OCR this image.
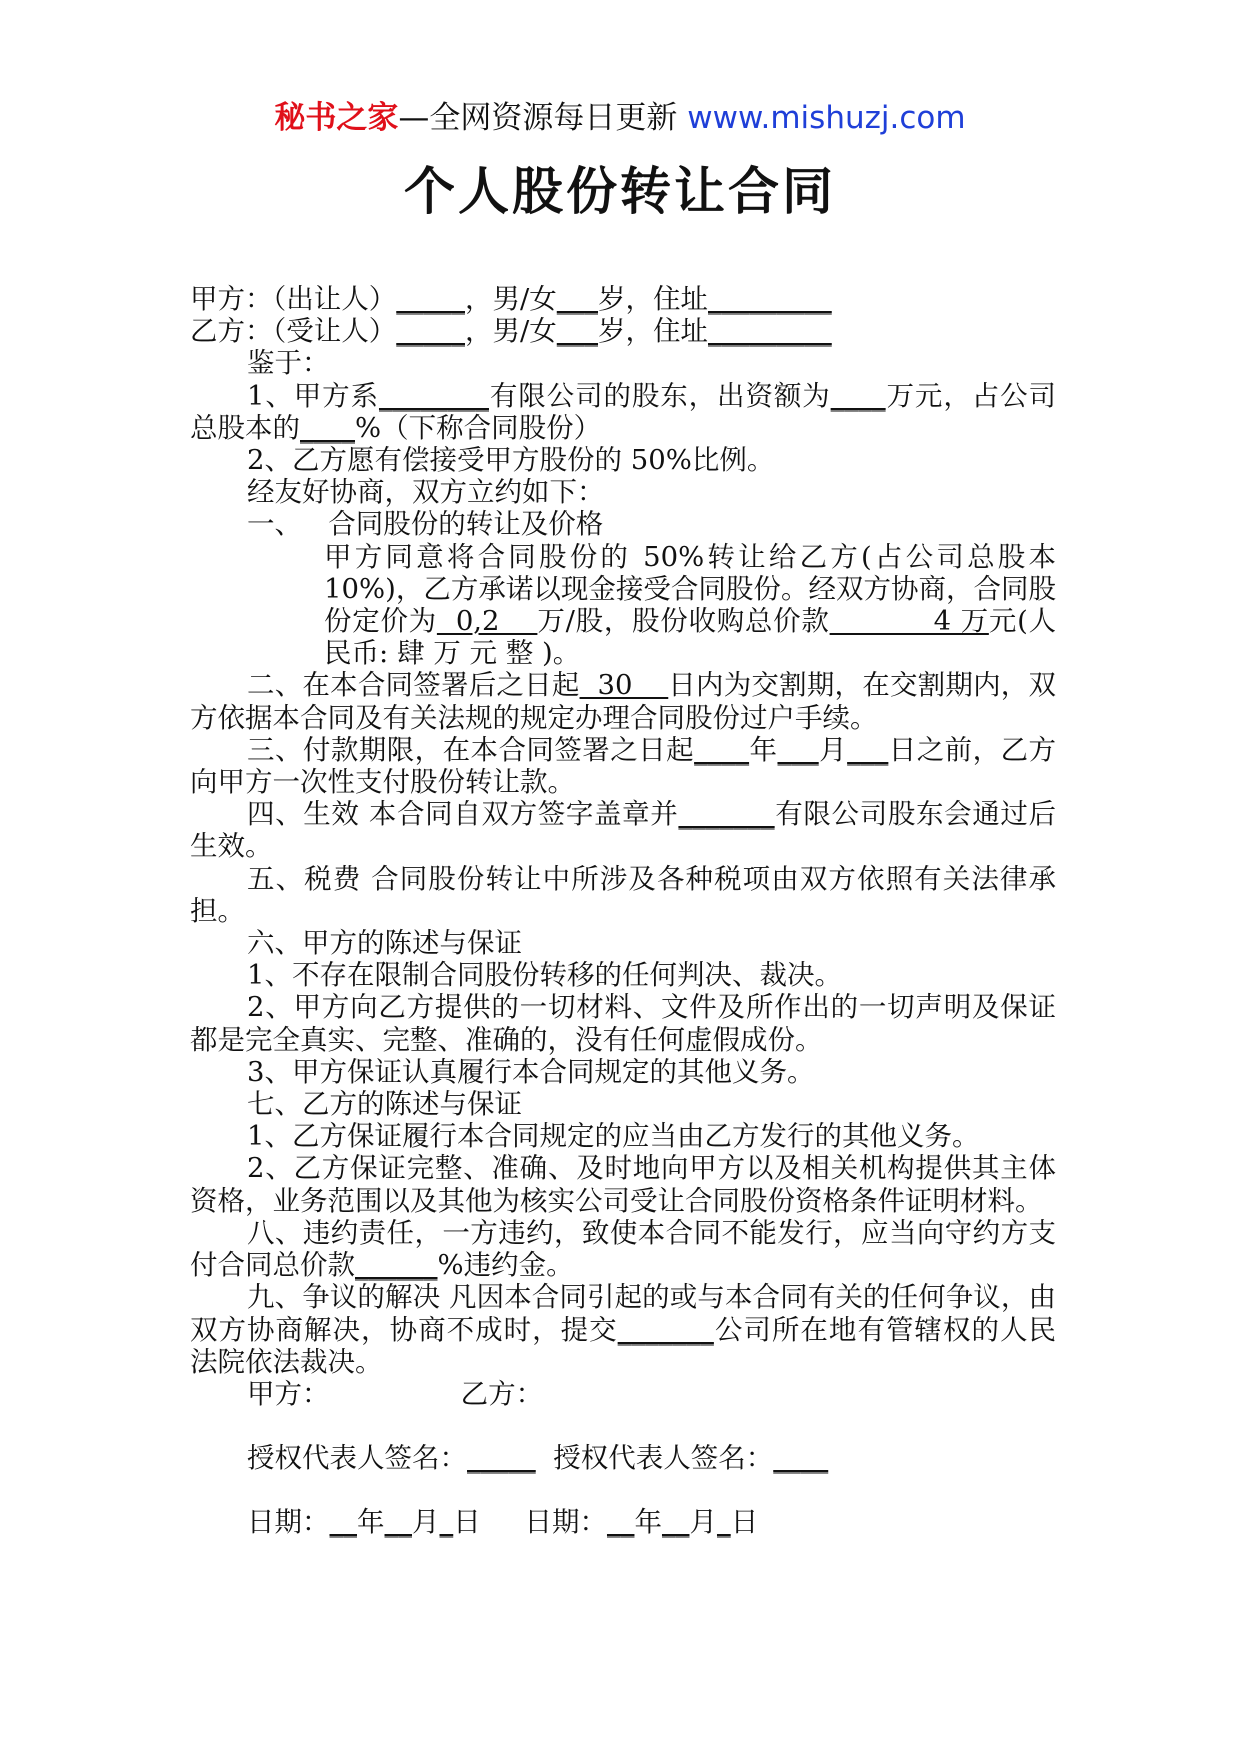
秘书之家—全网资源每日更新 www.mishuzj.com
个人股份转让合同

甲方：（出让人）_____，男/女___岁，住址_________

乙方：（受让人）_____，男/女___岁，住址_________

鉴于：

1、甲方系________有限公司的股东，出资额为____万元，占公司总股本的____%（下称合同股份）

2、乙方愿有偿接受甲方股份的 50%比例。

经友好协商，双方立约如下：

一、   合同股份的转让及价格

甲方同意将合同股份的 50%转让给乙方(占公司总股本 10%)，乙方承诺以现金接受合同股份。经双方协商，合同股份定价为  0,2    万/股，股份收购总价款           4 万元(人民币: 肆 万 元 整 )。

二、在本合同签署后之日起  30    日内为交割期，在交割期内，双方依据本合同及有关法规的规定办理合同股份过户手续。

三、付款期限，在本合同签署之日起____年___月___日之前，乙方向甲方一次性支付股份转让款。

四、生效 本合同自双方签字盖章并_______有限公司股东会通过后生效。

五、税费 合同股份转让中所涉及各种税项由双方依照有关法律承担。

六、甲方的陈述与保证

1、不存在限制合同股份转移的任何判决、裁决。

2、甲方向乙方提供的一切材料、文件及所作出的一切声明及保证都是完全真实、完整、准确的，没有任何虚假成份。

3、甲方保证认真履行本合同规定的其他义务。

七、乙方的陈述与保证

1、乙方保证履行本合同规定的应当由乙方发行的其他义务。

2、乙方保证完整、准确、及时地向甲方以及相关机构提供其主体资格，业务范围以及其他为核实公司受让合同股份资格条件证明材料。

八、违约责任，一方违约，致使本合同不能发行，应当向守约方支付合同总价款______%违约金。

九、争议的解决 凡因本合同引起的或与本合同有关的任何争议，由双方协商解决，协商不成时，提交_______公司所在地有管辖权的人民法院依法裁决。

甲方：	乙方：

授权代表人签名：_____ 授权代表人签名：____

日期：__年__月_日     日期：__年__月_日
